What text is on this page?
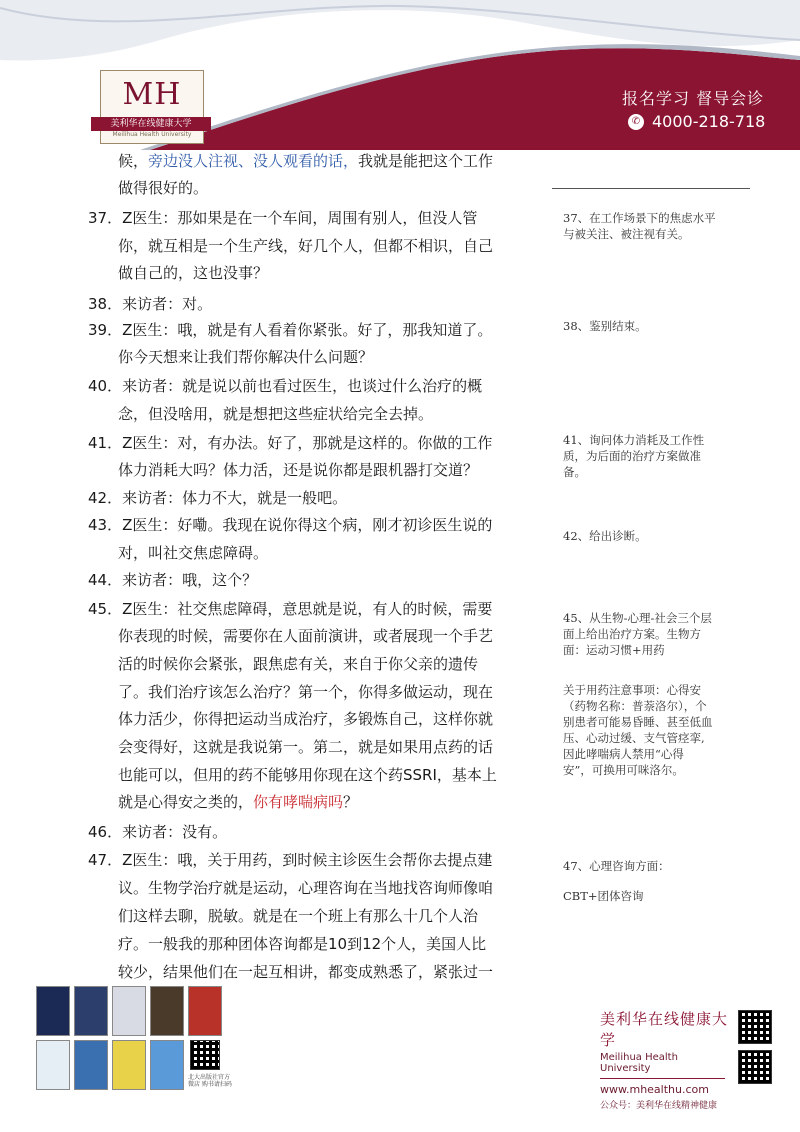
MH
美利华在线健康大学
Meilihua Health University
报名学习 督导会诊
✆ 4000-218-718
候，旁边没人注视、没人观看的话，我就是能把这个工作
做得很好的。
37．Z医生：那如果是在一个车间，周围有别人，但没人管
你，就互相是一个生产线，好几个人，但都不相识，自己
做自己的，这也没事？
38．来访者：对。
39．Z医生：哦，就是有人看着你紧张。好了，那我知道了。
你今天想来让我们帮你解决什么问题？
40．来访者：就是说以前也看过医生，也谈过什么治疗的概
念，但没啥用，就是想把这些症状给完全去掉。
41．Z医生：对，有办法。好了，那就是这样的。你做的工作
体力消耗大吗？体力活，还是说你都是跟机器打交道？
42．来访者：体力不大，就是一般吧。
43．Z医生：好嘞。我现在说你得这个病，刚才初诊医生说的
对，叫社交焦虑障碍。
44．来访者：哦，这个？
45．Z医生：社交焦虑障碍，意思就是说，有人的时候，需要
你表现的时候，需要你在人面前演讲，或者展现一个手艺
活的时候你会紧张，跟焦虑有关，来自于你父亲的遗传
了。我们治疗该怎么治疗？第一个，你得多做运动，现在
体力活少，你得把运动当成治疗，多锻炼自己，这样你就
会变得好，这就是我说第一。第二，就是如果用点药的话
也能可以，但用的药不能够用你现在这个药SSRI，基本上
就是心得安之类的，你有哮喘病吗？
46．来访者：没有。
47．Z医生：哦，关于用药，到时候主诊医生会帮你去提点建
议。生物学治疗就是运动，心理咨询在当地找咨询师像咱
们这样去聊，脱敏。就是在一个班上有那么十几个人治
疗。一般我的那种团体咨询都是10到12个人，美国人比
较少，结果他们在一起互相讲，都变成熟悉了，紧张过一
37、在工作场景下的焦虑水平
与被关注、被注视有关。
38、鉴别结束。
41、询问体力消耗及工作性
质，为后面的治疗方案做准
备。
42、给出诊断。
45、从生物-心理-社会三个层
面上给出治疗方案。生物方
面：运动习惯+用药
关于用药注意事项：心得安
（药物名称：普萘洛尔），个
别患者可能易昏睡、甚至低血
压、心动过缓、支气管痉挛,
因此哮喘病人禁用“心得
安”，可换用可咪洛尔。
47、心理咨询方面：
CBT+团体咨询
北大出版社官方微店 购书请扫码
美利华在线健康大学
Meilihua Health University
www.mhealthu.com
公众号：美利华在线精神健康
